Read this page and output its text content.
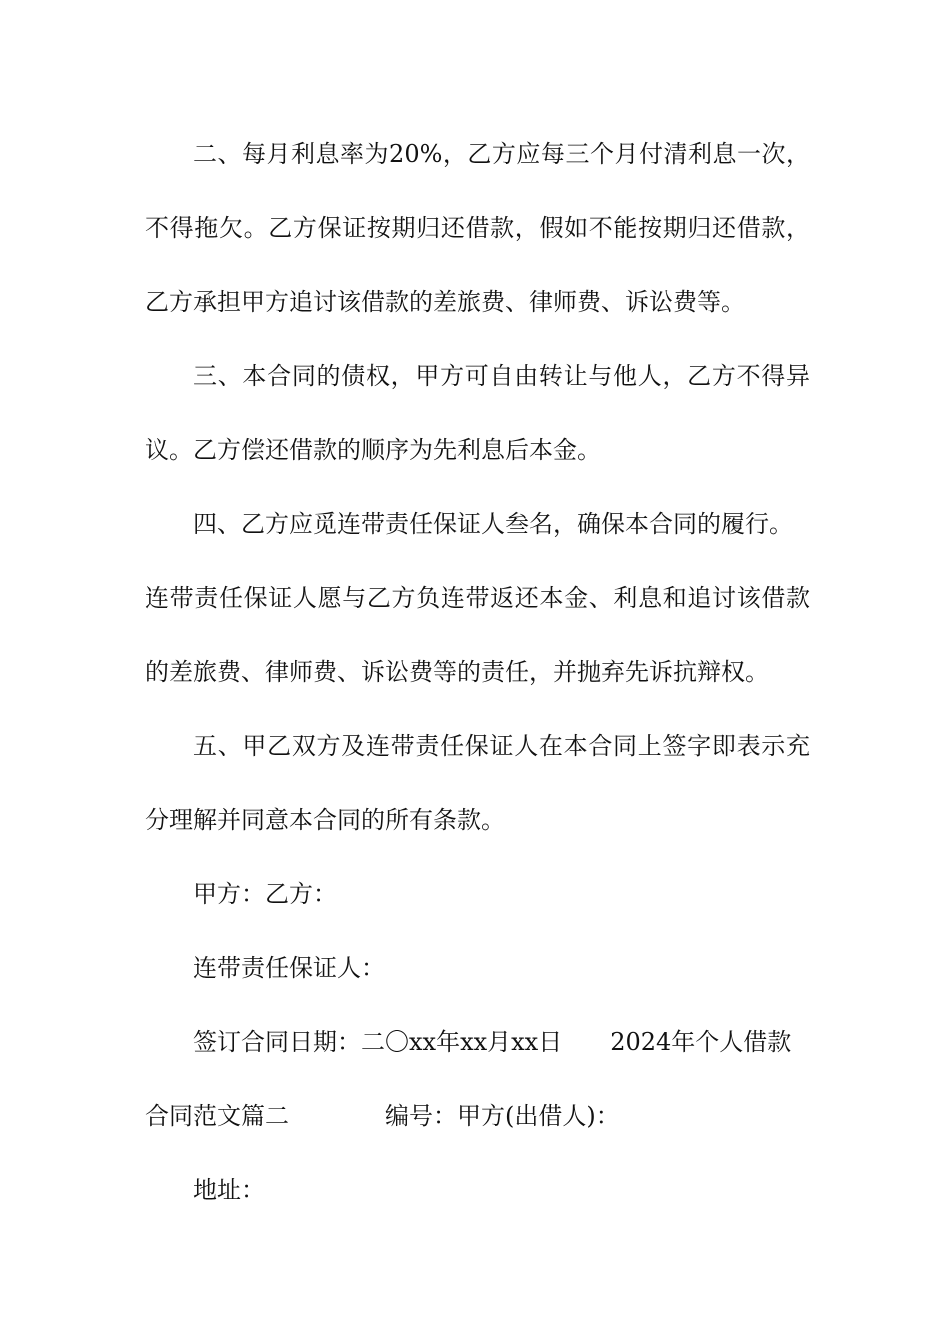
二、每月利息率为20%，乙方应每三个月付清利息一次，
不得拖欠。乙方保证按期归还借款，假如不能按期归还借款，
乙方承担甲方追讨该借款的差旅费、律师费、诉讼费等。
三、本合同的债权，甲方可自由转让与他人，乙方不得异
议。乙方偿还借款的顺序为先利息后本金。
四、乙方应觅连带责任保证人叁名，确保本合同的履行。
连带责任保证人愿与乙方负连带返还本金、利息和追讨该借款
的差旅费、律师费、诉讼费等的责任，并抛弃先诉抗辩权。
五、甲乙双方及连带责任保证人在本合同上签字即表示充
分理解并同意本合同的所有条款。
甲方：乙方：
连带责任保证人：
签订合同日期：二〇xx年xx月xx日 2024年个人借款
合同范文篇二	编号：甲方(出借人)：
地址：
